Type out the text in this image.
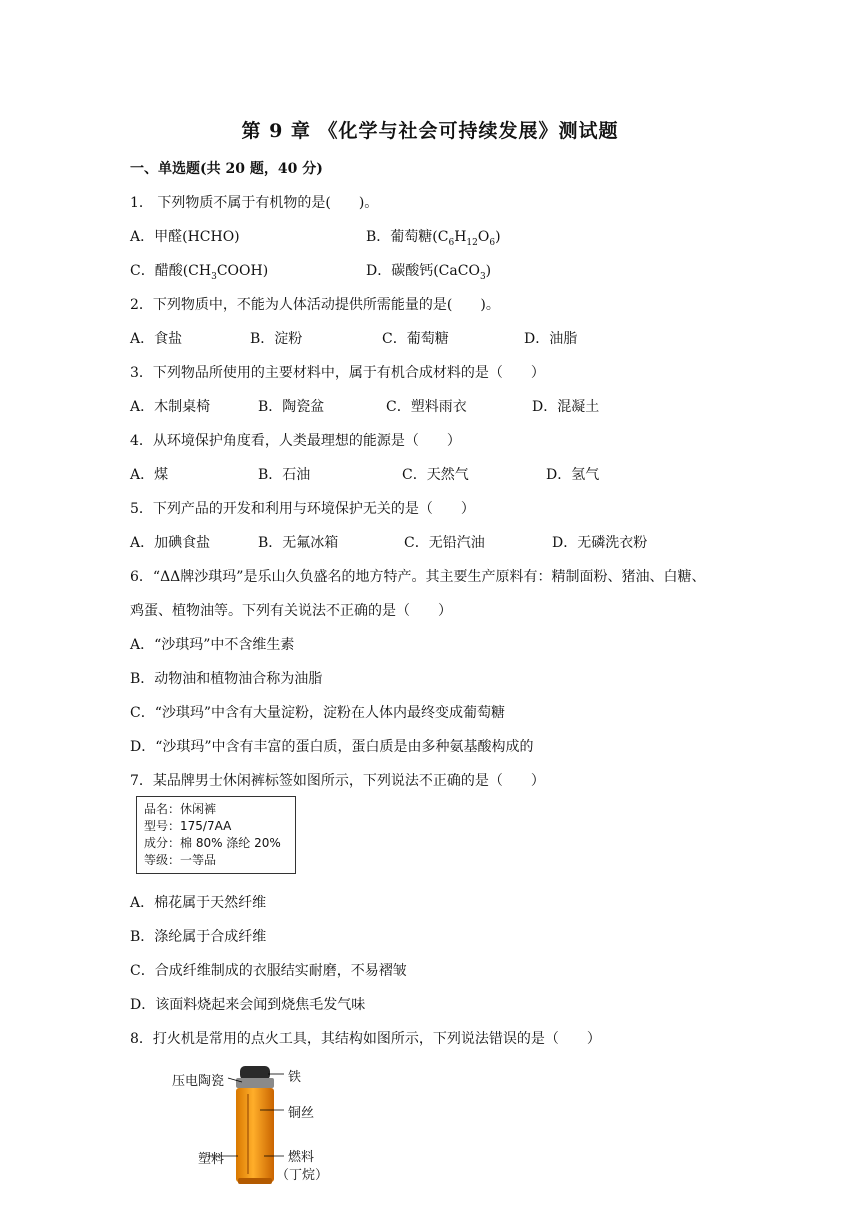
第 9 章 《化学与社会可持续发展》测试题
一、单选题(共 20 题，40 分)
1． 下列物质不属于有机物的是(　　)。
A．甲醛(HCHO)	B．葡萄糖$(C_6H_{12}O_6)$
C．醋酸$(CH_3COOH)$	D．碳酸钙(CaCO$_3$)
2．下列物质中，不能为人体活动提供所需能量的是(　　)。
A．食盐	B．淀粉	C．葡萄糖	D．油脂
3．下列物品所使用的主要材料中，属于有机合成材料的是（　　）
A．木制桌椅	B．陶瓷盆	C．塑料雨衣	D．混凝土
4．从环境保护角度看，人类最理想的能源是（　　）
A．煤	B．石油	C．天然气	D．氢气
5．下列产品的开发和利用与环境保护无关的是（　　）
A．加碘食盐	B．无氟冰箱	C．无铅汽油	D．无磷洗衣粉
6．“ΔΔ牌沙琪玛”是乐山久负盛名的地方特产。其主要生产原料有：精制面粉、猪油、白糖、
鸡蛋、植物油等。下列有关说法不正确的是（　　）
A．“沙琪玛”中不含维生素
B．动物油和植物油合称为油脂
C．“沙琪玛”中含有大量淀粉，淀粉在人体内最终变成葡萄糖
D．“沙琪玛”中含有丰富的蛋白质，蛋白质是由多种氨基酸构成的
7．某品牌男士休闲裤标签如图所示，下列说法不正确的是（　　）
品名：休闲裤
型号：175/7AA
成分：棉 80% 涤纶 20%
等级：一等品
A．棉花属于天然纤维
B．涤纶属于合成纤维
C．合成纤维制成的衣服结实耐磨，不易褶皱
D．该面料烧起来会闻到烧焦毛发气味
8．打火机是常用的点火工具，其结构如图所示，下列说法错误的是（　　）
压电陶瓷	铁
铜丝
塑料	燃料
（丁烷）
